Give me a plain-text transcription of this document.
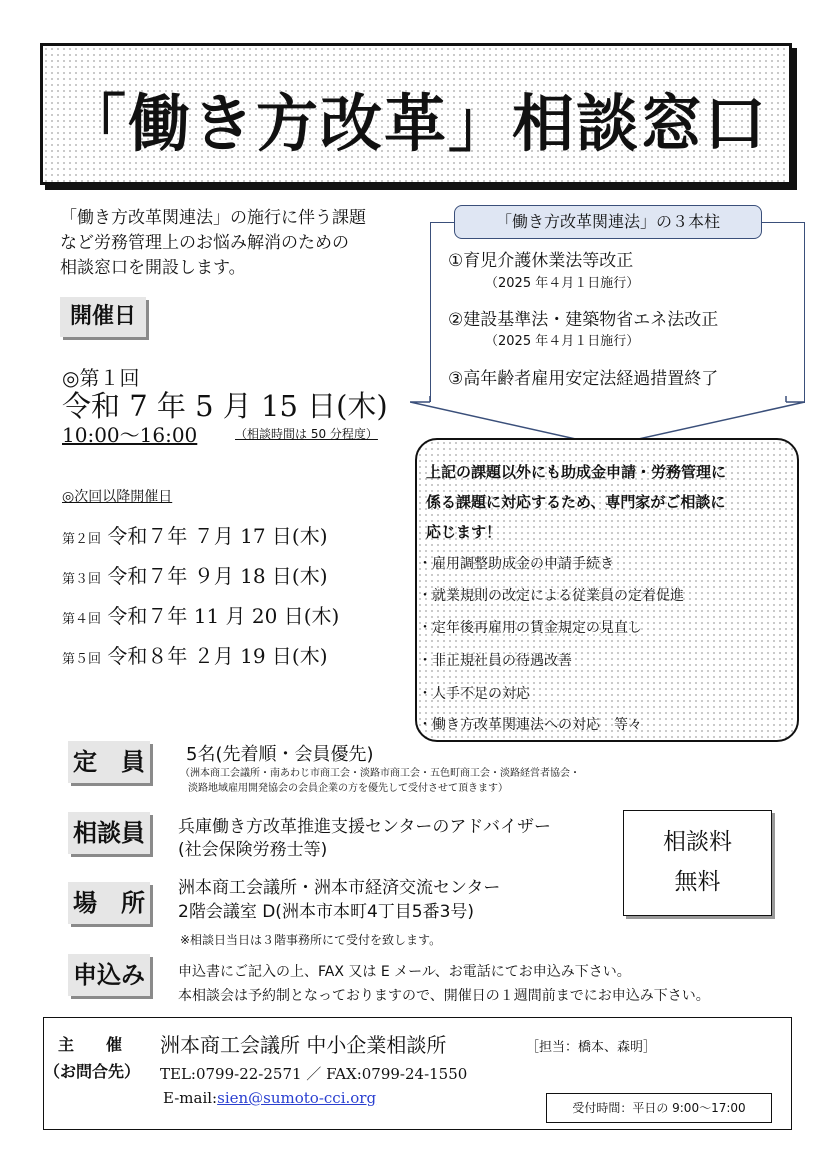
「働き方改革」相談窓口
「働き方改革関連法」の施行に伴う課題
など労務管理上のお悩み解消のための
相談窓口を開設します。
「働き方改革関連法」の３本柱
①育児介護休業法等改正
（2025 年４月１日施行）
②建設基準法・建築物省エネ法改正
（2025 年４月１日施行）
③高年齢者雇用安定法経過措置終了
開催日
◎第１回
令和 7 年 5 月 15 日(木)
10:00～16:00	（相談時間は 50 分程度）
◎次回以降開催日
第２回 令和７年 ７月 17 日(木)
第３回 令和７年 ９月 18 日(木)
第４回 令和７年 11 月 20 日(木)
第５回 令和８年 ２月 19 日(木)
上記の課題以外にも助成金申請・労務管理に
係る課題に対応するため、専門家がご相談に
応じます！
・雇用調整助成金の申請手続き
・就業規則の改定による従業員の定着促進
・定年後再雇用の賃金規定の見直し
・非正規社員の待遇改善
・人手不足の対応
・働き方改革関連法への対応　等々
定　員 5名(先着順・会員優先)
（洲本商工会議所・南あわじ市商工会・淡路市商工会・五色町商工会・淡路経営者協会・
淡路地域雇用開発協会の会員企業の方を優先して受付させて頂きます）
相談員 兵庫働き方改革推進支援センターのアドバイザー
(社会保険労務士等)	相談料
無料
場　所
洲本商工会議所・洲本市経済交流センター
2階会議室 D(洲本市本町4丁目5番3号)
※相談日当日は３階事務所にて受付を致します。
申込み	申込書にご記入の上、FAX 又は E メール、お電話にてお申込み下さい。
本相談会は予約制となっておりますので、開催日の１週間前までにお申込み下さい。
主　　催
（お問合先）
洲本商工会議所 中小企業相談所	［担当：橋本、森明］
TEL:0799-22-2571 ／ FAX:0799-24-1550
E-mail:sien@sumoto-cci.org
受付時間：平日の 9:00～17:00
